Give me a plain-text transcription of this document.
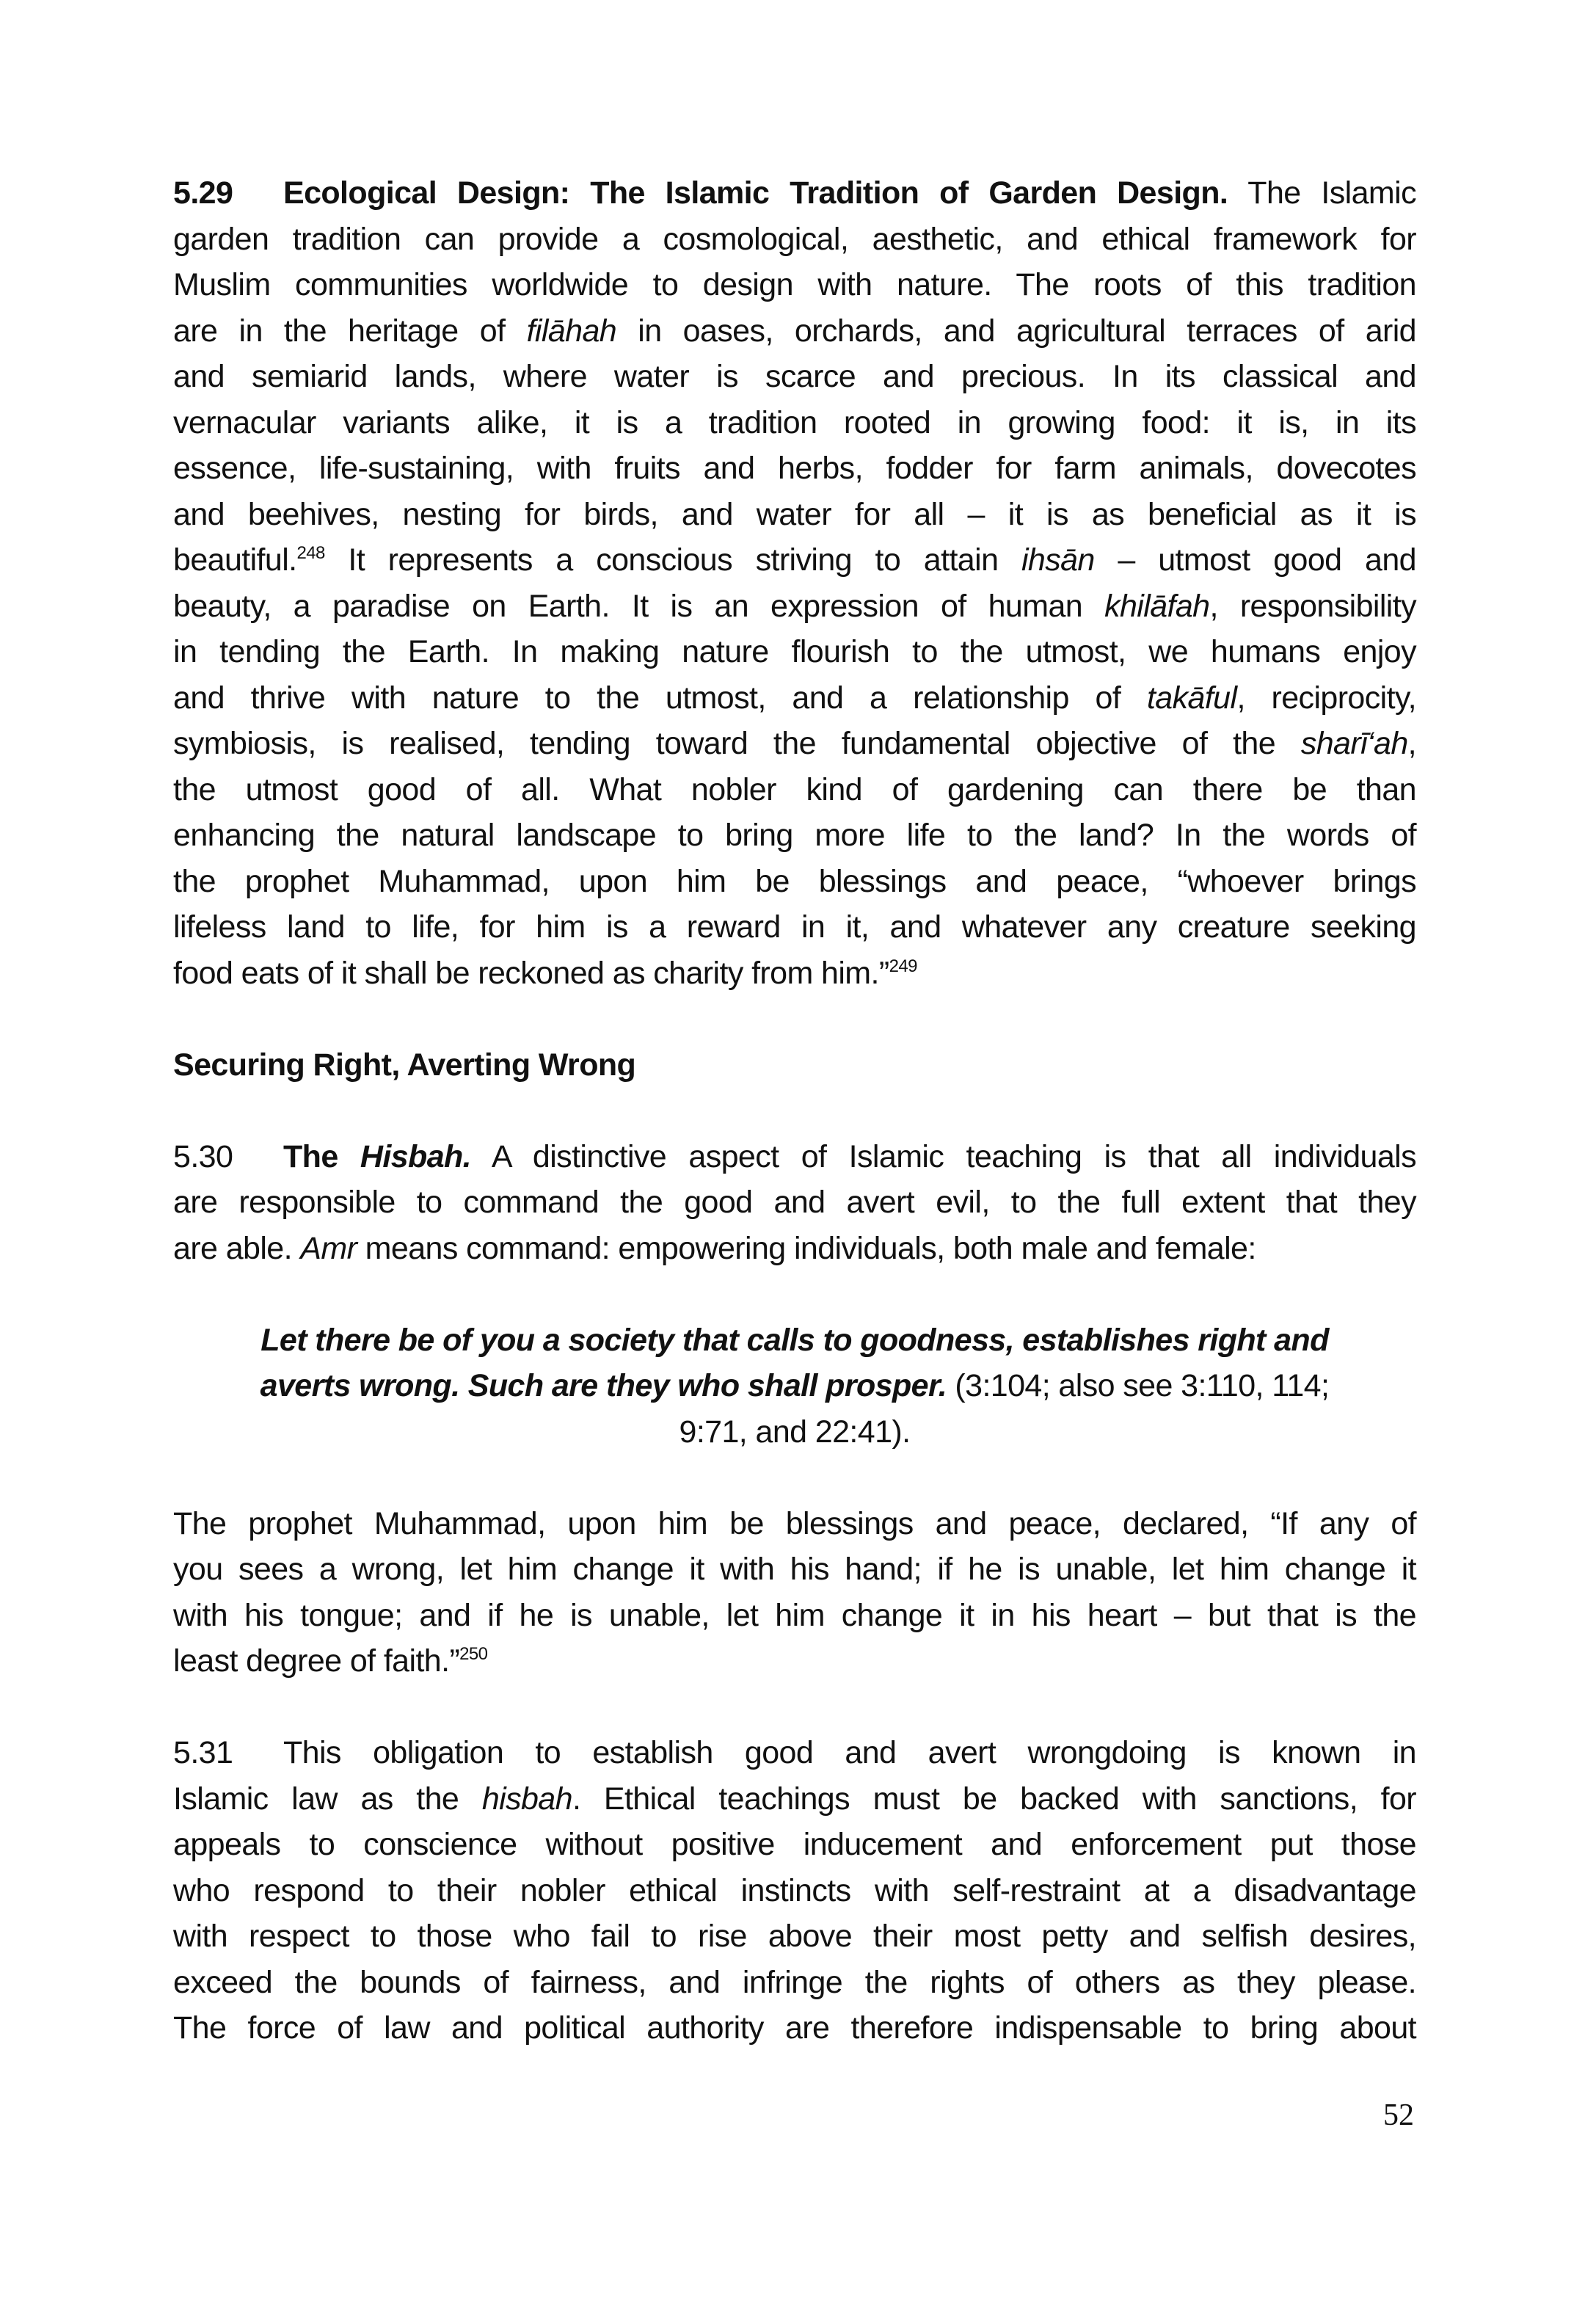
5.29 Ecological Design: The Islamic Tradition of Garden Design. The Islamic
garden tradition can provide a cosmological, aesthetic, and ethical framework for
Muslim communities worldwide to design with nature. The roots of this tradition
are in the heritage of filāhah in oases, orchards, and agricultural terraces of arid
and semiarid lands, where water is scarce and precious. In its classical and
vernacular variants alike, it is a tradition rooted in growing food: it is, in its
essence, life-sustaining, with fruits and herbs, fodder for farm animals, dovecotes
and beehives, nesting for birds, and water for all – it is as beneficial as it is
beautiful.$^{248}$ It represents a conscious striving to attain ihsān – utmost good and
beauty, a paradise on Earth. It is an expression of human khilāfah, responsibility
in tending the Earth. In making nature flourish to the utmost, we humans enjoy
and thrive with nature to the utmost, and a relationship of takāful, reciprocity,
symbiosis, is realised, tending toward the fundamental objective of the sharī‘ah,
the utmost good of all. What nobler kind of gardening can there be than
enhancing the natural landscape to bring more life to the land? In the words of
the prophet Muhammad, upon him be blessings and peace, “whoever brings
lifeless land to life, for him is a reward in it, and whatever any creature seeking
food eats of it shall be reckoned as charity from him.”$^{249}$
Securing Right, Averting Wrong
5.30 The Hisbah. A distinctive aspect of Islamic teaching is that all individuals
are responsible to command the good and avert evil, to the full extent that they
are able. Amr means command: empowering individuals, both male and female:
Let there be of you a society that calls to goodness, establishes right and
averts wrong. Such are they who shall prosper. (3:104; also see 3:110, 114;
9:71, and 22:41).
The prophet Muhammad, upon him be blessings and peace, declared, “If any of
you sees a wrong, let him change it with his hand; if he is unable, let him change it
with his tongue; and if he is unable, let him change it in his heart – but that is the
least degree of faith.”$^{250}$
5.31 This obligation to establish good and avert wrongdoing is known in
Islamic law as the hisbah. Ethical teachings must be backed with sanctions, for
appeals to conscience without positive inducement and enforcement put those
who respond to their nobler ethical instincts with self-restraint at a disadvantage
with respect to those who fail to rise above their most petty and selfish desires,
exceed the bounds of fairness, and infringe the rights of others as they please.
The force of law and political authority are therefore indispensable to bring about
52
